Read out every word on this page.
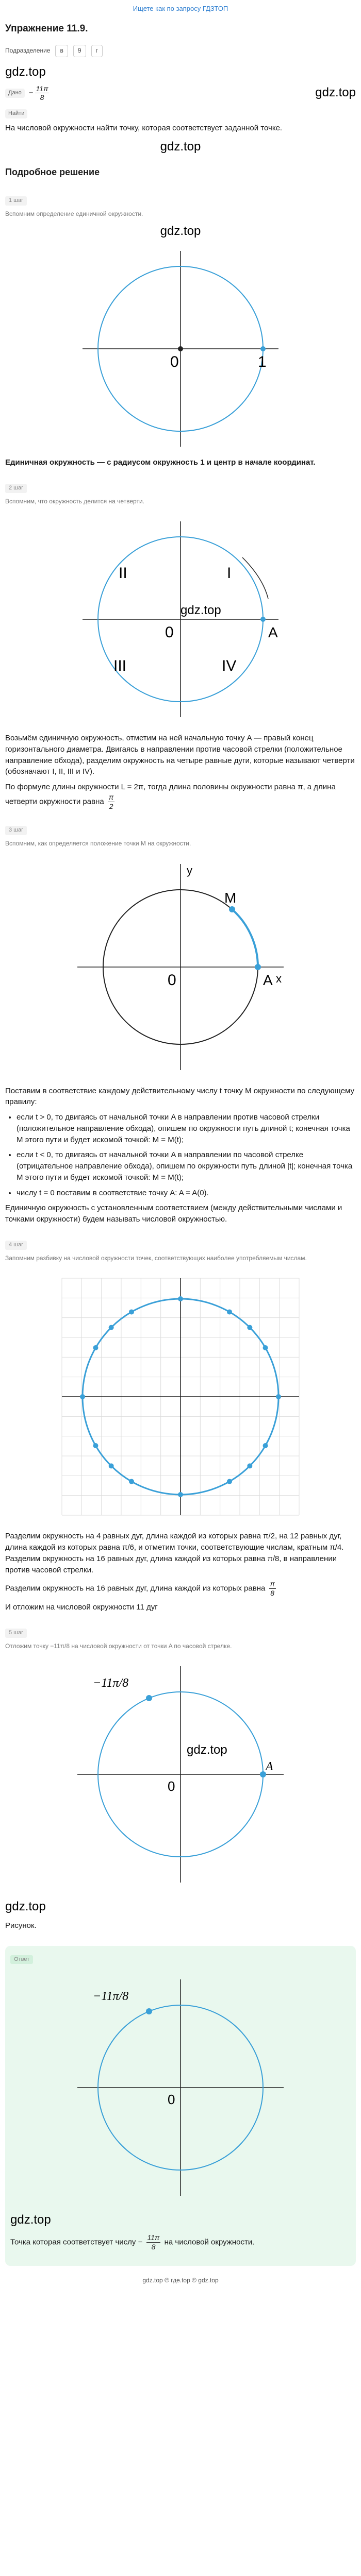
Ищете как по запросу ГДЗТОП
Упражнение 11.9.
Подразделение	в	9	г
gdz.top
Дано − $\frac{11\pi}{8}$	gdz.top
Найти

На числовой окружности найти точку, которая соответствует заданной точке.

gdz.top
Подробное решение
1 шаг

Вспомним определение единичной окружности.

gdz.top
0	1

Единичная окружность — с радиусом окружность 1 и центр в начале координат.

2 шаг

Вспомним, что окружность делится на четверти.

A
I
II
III	IV
0
gdz.top

Возьмём единичную окружность, отметим на ней начальную точку A — правый конец горизонтального диаметра. Двигаясь в направлении против часовой стрелки (положительное направление обхода), разделим окружность на четыре равные дуги, которые называют четверти (обозначают I, II, III и IV).

По формуле длины окружности L = 2π, тогда длина половины окружности равна π, а длина четверти окружности равна $\frac{\pi}{2}$

3 шаг

Вспомним, как определяется положение точки M на окружности.

M
A
0
y
x

Поставим в соответствие каждому действительному числу t точку M окружности по следующему правилу:

• если t > 0, то двигаясь от начальной точки A в направлении против часовой стрелки (положительное направление обхода), опишем по окружности путь длиной t; конечная точка M этого пути и будет искомой точкой: M = M(t);
• если t < 0, то двигаясь от начальной точки A в направлении по часовой стрелке (отрицательное направление обхода), опишем по окружности путь длиной |t|; конечная точка M этого пути и будет искомой точкой: M = M(t);
• числу t = 0 поставим в соответствие точку A: A = A(0).

Единичную окружность с установленным соответствием (между действительными числами и точками окружности) будем называть числовой окружностью.

4 шаг

Запомним разбивку на числовой окружности точек, соответствующих наиболее употребляемым числам.

Разделим окружность на 4 равных дуг, длина каждой из которых равна π/2, на 12 равных дуг, длина каждой из которых равна π/6, и отметим точки, соответствующие числам, кратным π/4. Разделим окружность на 16 равных дуг, длина каждой из которых равна π/8, в направлении против часовой стрелки.

Разделим окружность на 16 равных дуг, длина каждой из которых равна $\frac{\pi}{8}$

И отложим на числовой окружности 11 дуг

5 шаг

Отложим точку −11π/8 на числовой окружности от точки A по часовой стрелке.

−11π/8
A
gdz.top
0
gdz.top

Рисунок.

Ответ
−11π/8
0
gdz.top

Точка которая соответствует числу − $\frac{11\pi}{8}$ на числовой окружности.

gdz.top © где.top © gdz.top
